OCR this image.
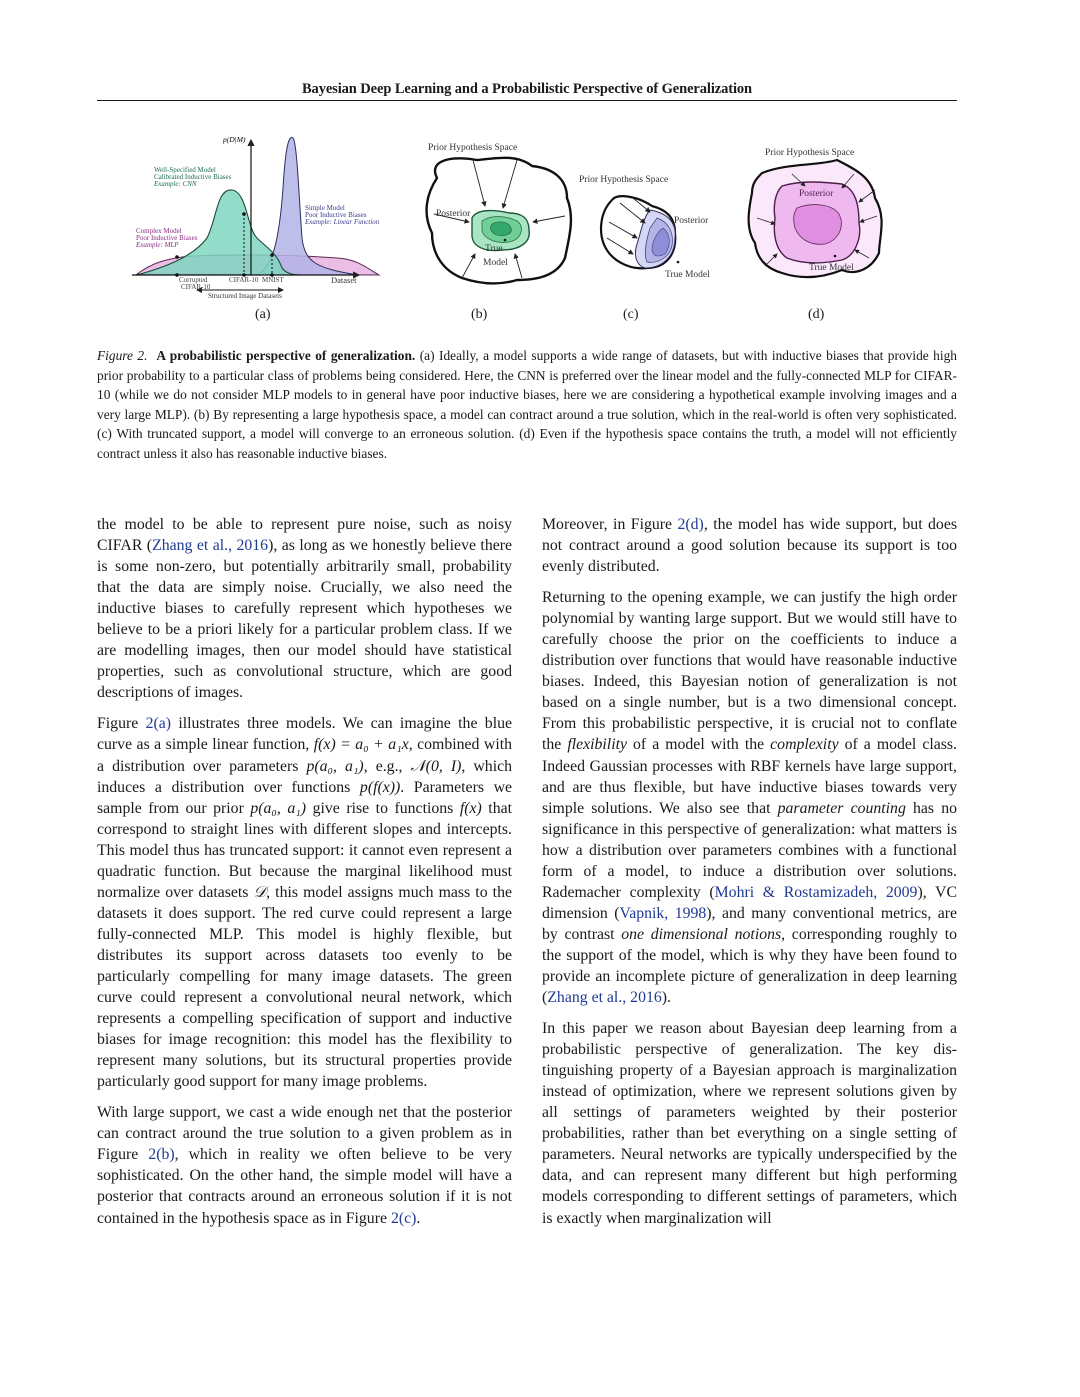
Bayesian Deep Learning and a Probabilistic Perspective of Generalization
p(D|M)
Dataset
Well-Specified Model
Calibrated Inductive Biases
Example: CNN
Simple Model
Poor Inductive Biases
Example: Linear Function
Complex Model
Poor Inductive Biases
Example: MLP
Corrupted
CIFAR-10
CIFAR-10 MNIST
Structured Image Datasets
Prior Hypothesis Space
Posterior
True
Model
Prior Hypothesis Space
Posterior
True Model
Prior Hypothesis Space
Posterior
True Model
(a)	(b)	(c)	(d)
Figure 2. A probabilistic perspective of generalization. (a) Ideally, a model supports a wide range of datasets, but with inductive biases that provide high prior probability to a particular class of problems being considered. Here, the CNN is preferred over the linear model and the fully-connected MLP for CIFAR-10 (while we do not consider MLP models to in general have poor inductive biases, here we are considering a hypothetical example involving images and a very large MLP). (b) By representing a large hypothesis space, a model can contract around a true solution, which in the real-world is often very sophisticated. (c) With truncated support, a model will converge to an erroneous solution. (d) Even if the hypothesis space contains the truth, a model will not efficiently contract unless it also has reasonable inductive biases.

the model to be able to represent pure noise, such as noisy CIFAR (Zhang et al., 2016), as long as we honestly believe there is some non-zero, but potentially arbitrarily small, probability that the data are simply noise. Crucially, we also need the inductive biases to carefully represent which hypotheses we believe to be a priori likely for a particular problem class. If we are modelling images, then our model should have statistical properties, such as convolutional structure, which are good descriptions of images.

Figure 2(a) illustrates three models. We can imagine the blue curve as a simple linear function, f(x) = a₀ + a₁x, combined with a distribution over parameters p(a₀, a₁), e.g., 𝒩(0, I), which induces a distribution over functions p(f(x)). Parameters we sample from our prior p(a₀, a₁) give rise to functions f(x) that correspond to straight lines with different slopes and intercepts. This model thus has truncated support: it cannot even represent a quadratic function. But because the marginal likelihood must normalize over datasets 𝒟, this model assigns much mass to the datasets it does support. The red curve could represent a large fully-connected MLP. This model is highly flexible, but distributes its support across datasets too evenly to be particularly compelling for many image datasets. The green curve could represent a convolutional neural network, which represents a compelling specification of support and inductive biases for image recognition: this model has the flexibility to represent many solutions, but its structural properties provide particularly good support for many image problems.

With large support, we cast a wide enough net that the posterior can contract around the true solution to a given problem as in Figure 2(b), which in reality we often believe to be very sophisticated. On the other hand, the simple model will have a posterior that contracts around an erroneous solution if it is not contained in the hypothesis space as in Figure 2(c).

Moreover, in Figure 2(d), the model has wide support, but does not contract around a good solution because its support is too evenly distributed.

Returning to the opening example, we can justify the high order polynomial by wanting large support. But we would still have to carefully choose the prior on the coefficients to induce a distribution over functions that would have reasonable inductive biases. Indeed, this Bayesian notion of generalization is not based on a single number, but is a two dimensional concept. From this probabilistic perspective, it is crucial not to conflate the flexibility of a model with the complexity of a model class. Indeed Gaussian processes with RBF kernels have large support, and are thus flexible, but have inductive biases towards very simple solutions. We also see that parameter counting has no significance in this perspective of generalization: what matters is how a distribution over parameters combines with a functional form of a model, to induce a distribution over solutions. Rademacher complexity (Mohri & Rostamizadeh, 2009), VC dimension (Vapnik, 1998), and many conventional metrics, are by contrast one dimensional notions, corresponding roughly to the support of the model, which is why they have been found to provide an incomplete picture of generalization in deep learning (Zhang et al., 2016).

In this paper we reason about Bayesian deep learning from a probabilistic perspective of generalization. The key distinguishing property of a Bayesian approach is marginalization instead of optimization, where we represent solutions given by all settings of parameters weighted by their posterior probabilities, rather than bet everything on a single setting of parameters. Neural networks are typically underspecified by the data, and can represent many different but high performing models corresponding to different settings of parameters, which is exactly when marginalization will
